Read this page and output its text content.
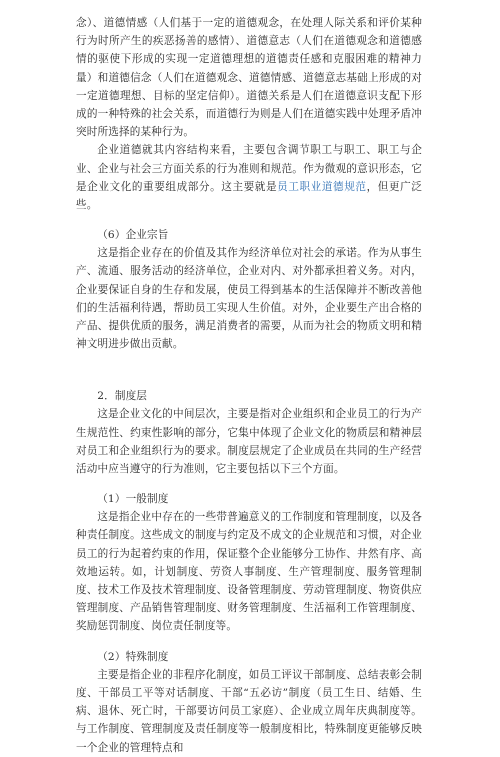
念）、道德情感（人们基于一定的道德观念，在处理人际关系和评价某种行为时所产生的疾恶扬善的感情）、道德意志（人们在道德观念和道德感情的驱使下形成的实现一定道德理想的道德责任感和克服困难的精神力量）和道德信念（人们在道德观念、道德情感、道德意志基础上形成的对一定道德理想、目标的坚定信仰）。道德关系是人们在道德意识支配下形成的一种特殊的社会关系，而道德行为则是人们在道德实践中处理矛盾冲突时所选择的某种行为。

企业道德就其内容结构来看，主要包含调节职工与职工、职工与企业、企业与社会三方面关系的行为准则和规范。作为微观的意识形态，它是企业文化的重要组成部分。这主要就是员工职业道德规范，但更广泛些。

（6）企业宗旨

这是指企业存在的价值及其作为经济单位对社会的承诺。作为从事生产、流通、服务活动的经济单位，企业对内、对外都承担着义务。对内，企业要保证自身的生存和发展，使员工得到基本的生活保障并不断改善他们的生活福利待遇，帮助员工实现人生价值。对外，企业要生产出合格的产品、提供优质的服务，满足消费者的需要，从而为社会的物质文明和精神文明进步做出贡献。

2．制度层

这是企业文化的中间层次，主要是指对企业组织和企业员工的行为产生规范性、约束性影响的部分，它集中体现了企业文化的物质层和精神层对员工和企业组织行为的要求。制度层规定了企业成员在共同的生产经营活动中应当遵守的行为准则，它主要包括以下三个方面。

（1）一般制度

这是指企业中存在的一些带普遍意义的工作制度和管理制度，以及各种责任制度。这些成文的制度与约定及不成文的企业规范和习惯，对企业员工的行为起着约束的作用，保证整个企业能够分工协作、井然有序、高效地运转。如，计划制度、劳资人事制度、生产管理制度、服务管理制度、技术工作及技术管理制度、设备管理制度、劳动管理制度、物资供应管理制度、产品销售管理制度、财务管理制度、生活福利工作管理制度、奖励惩罚制度、岗位责任制度等。

（2）特殊制度

主要是指企业的非程序化制度，如员工评议干部制度、总结表彰会制度、干部员工平等对话制度、干部“五必访”制度（员工生日、结婚、生病、退休、死亡时，干部要访问员工家庭）、企业成立周年庆典制度等。与工作制度、管理制度及责任制度等一般制度相比，特殊制度更能够反映一个企业的管理特点和
